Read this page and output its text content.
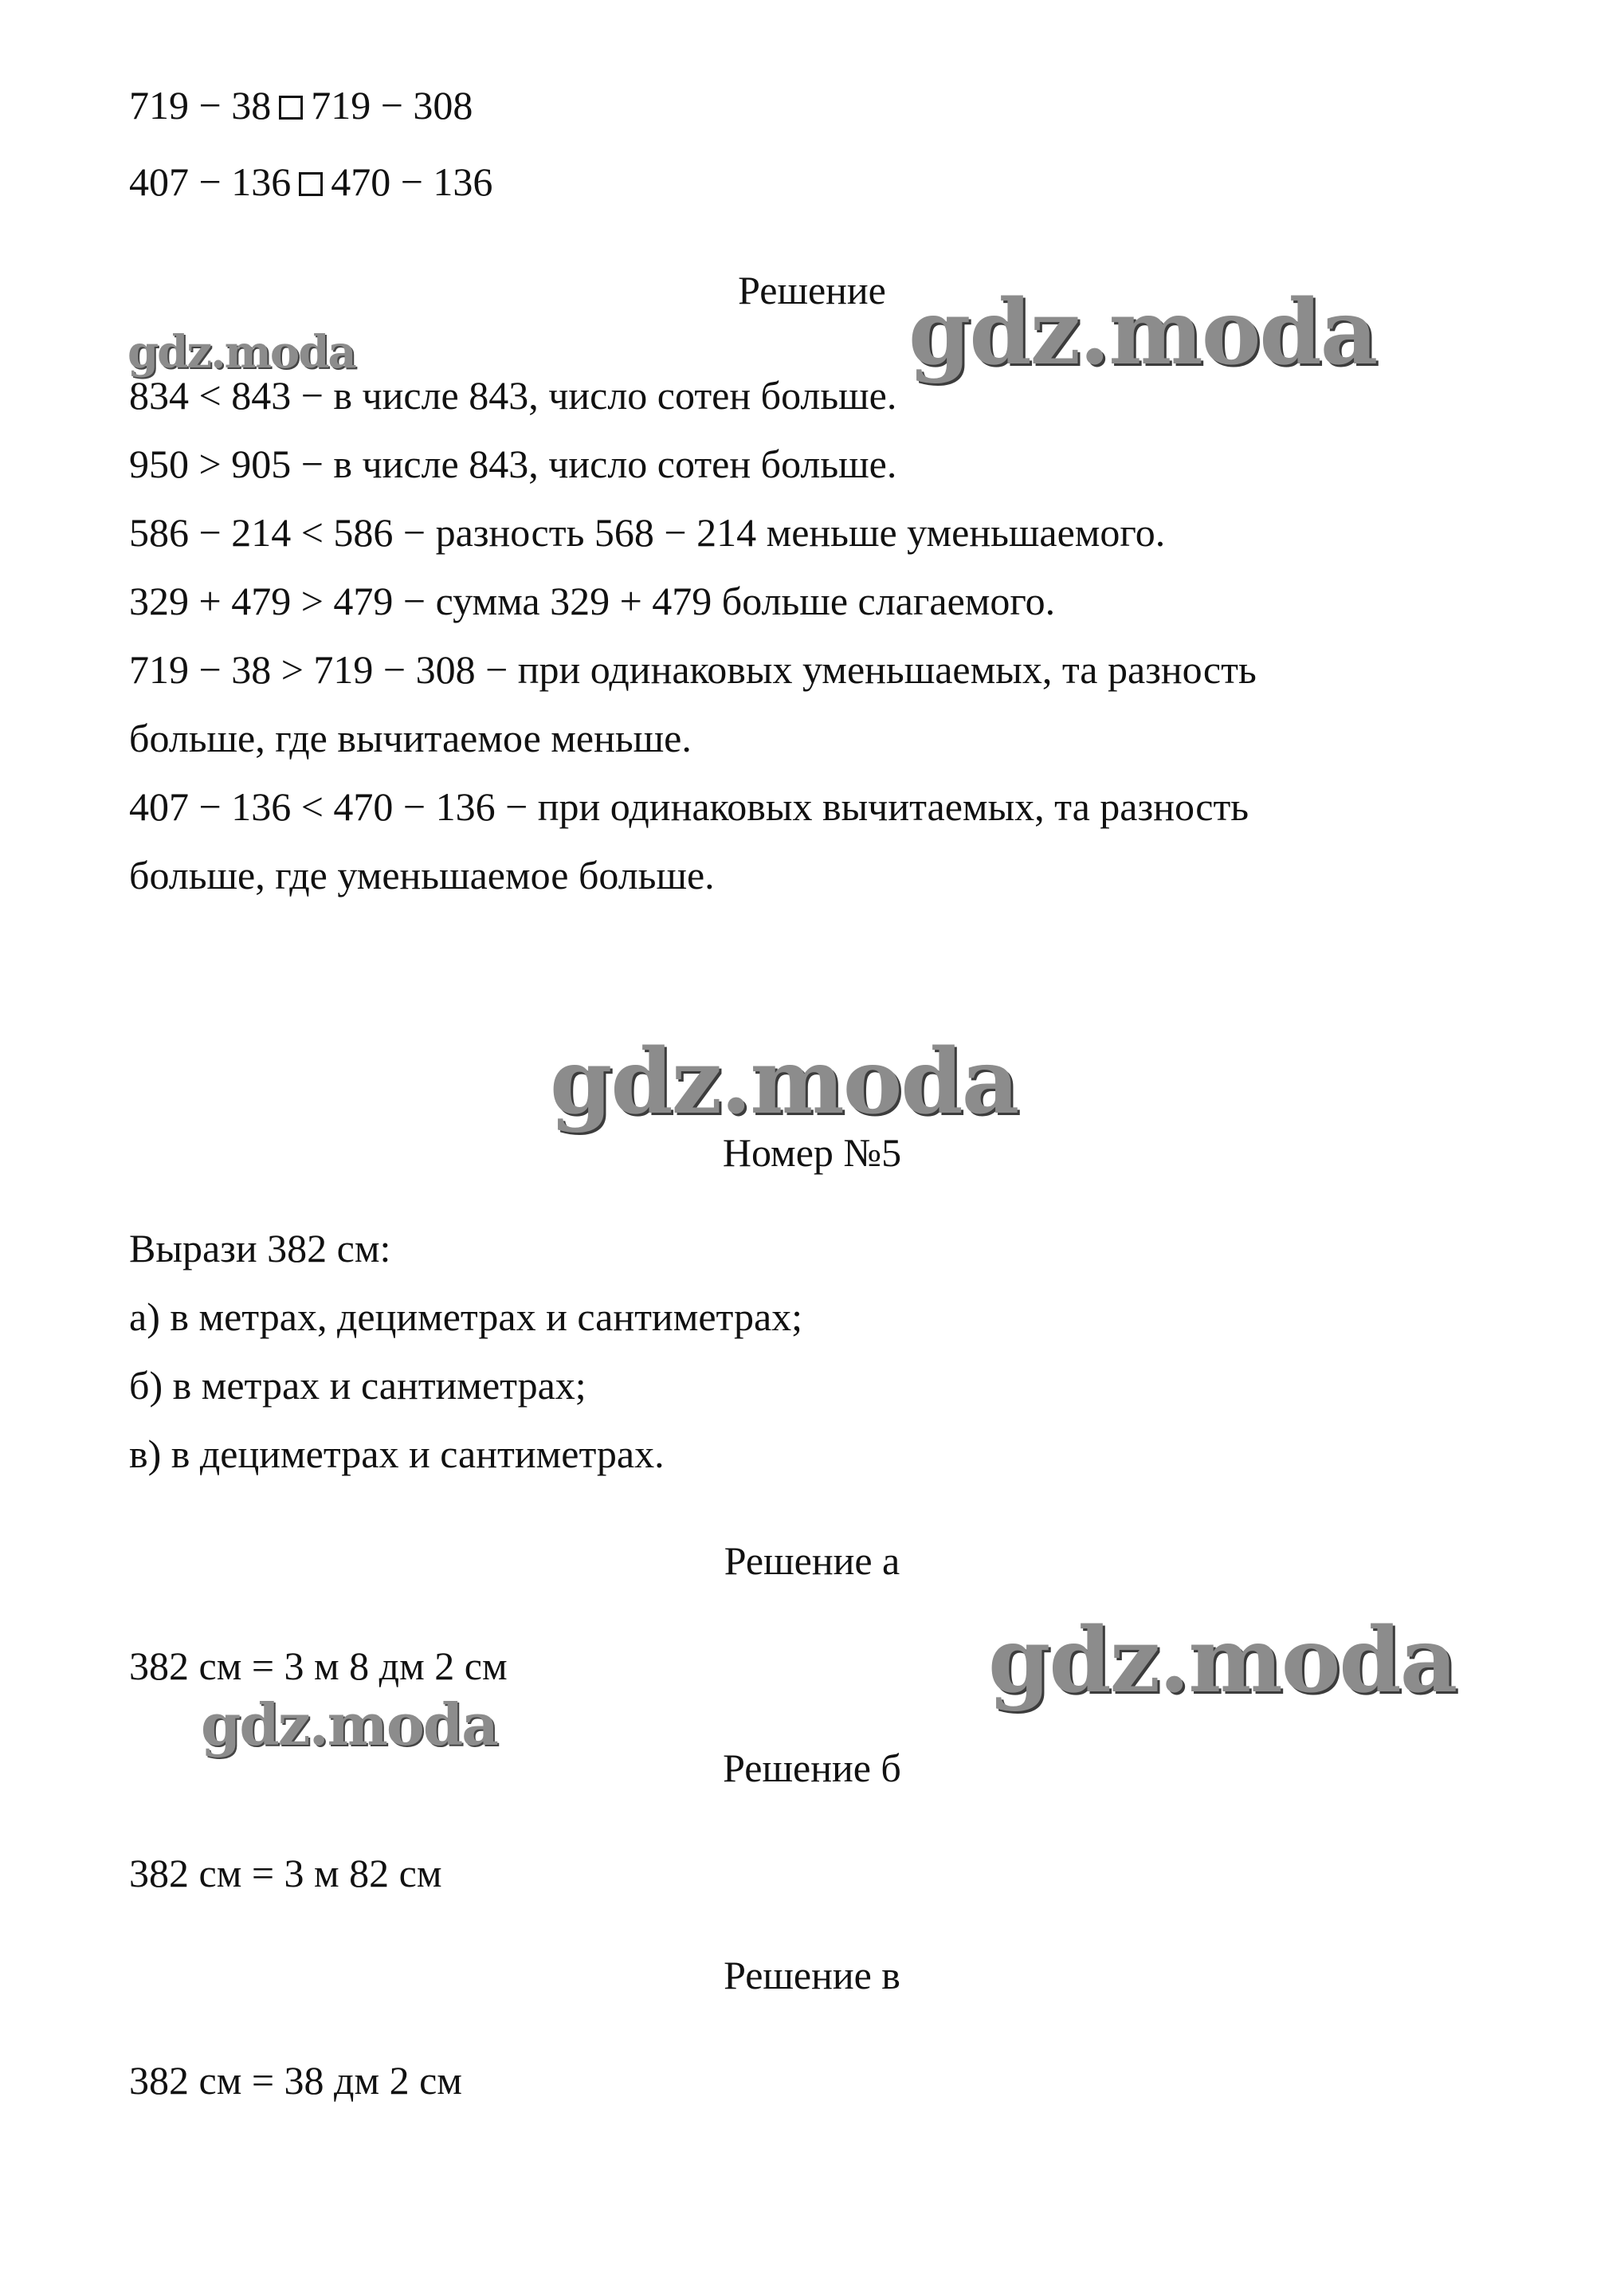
719 − 38 719 − 308
407 − 136 470 − 136
Решение
gdz.moda	gdz.moda
834 < 843 − в числе 843, число сотен больше.
950 > 905 − в числе 843, число сотен больше.
586 − 214 < 586 − разность 568 − 214 меньше уменьшаемого.
329 + 479 > 479 − сумма 329 + 479 больше слагаемого.
719 − 38 > 719 − 308 − при одинаковых уменьшаемых, та разность
больше, где вычитаемое меньше.
407 − 136 < 470 − 136 − при одинаковых вычитаемых, та разность
больше, где уменьшаемое больше.
gdz.moda
Номер №5
Вырази 382 см:
а) в метрах, дециметрах и сантиметрах;
б) в метрах и сантиметрах;
в) в дециметрах и сантиметрах.
Решение а
382 см = 3 м 8 дм 2 см	gdz.moda
gdz.moda
Решение б
382 см = 3 м 82 см
Решение в
382 см = 38 дм 2 см
